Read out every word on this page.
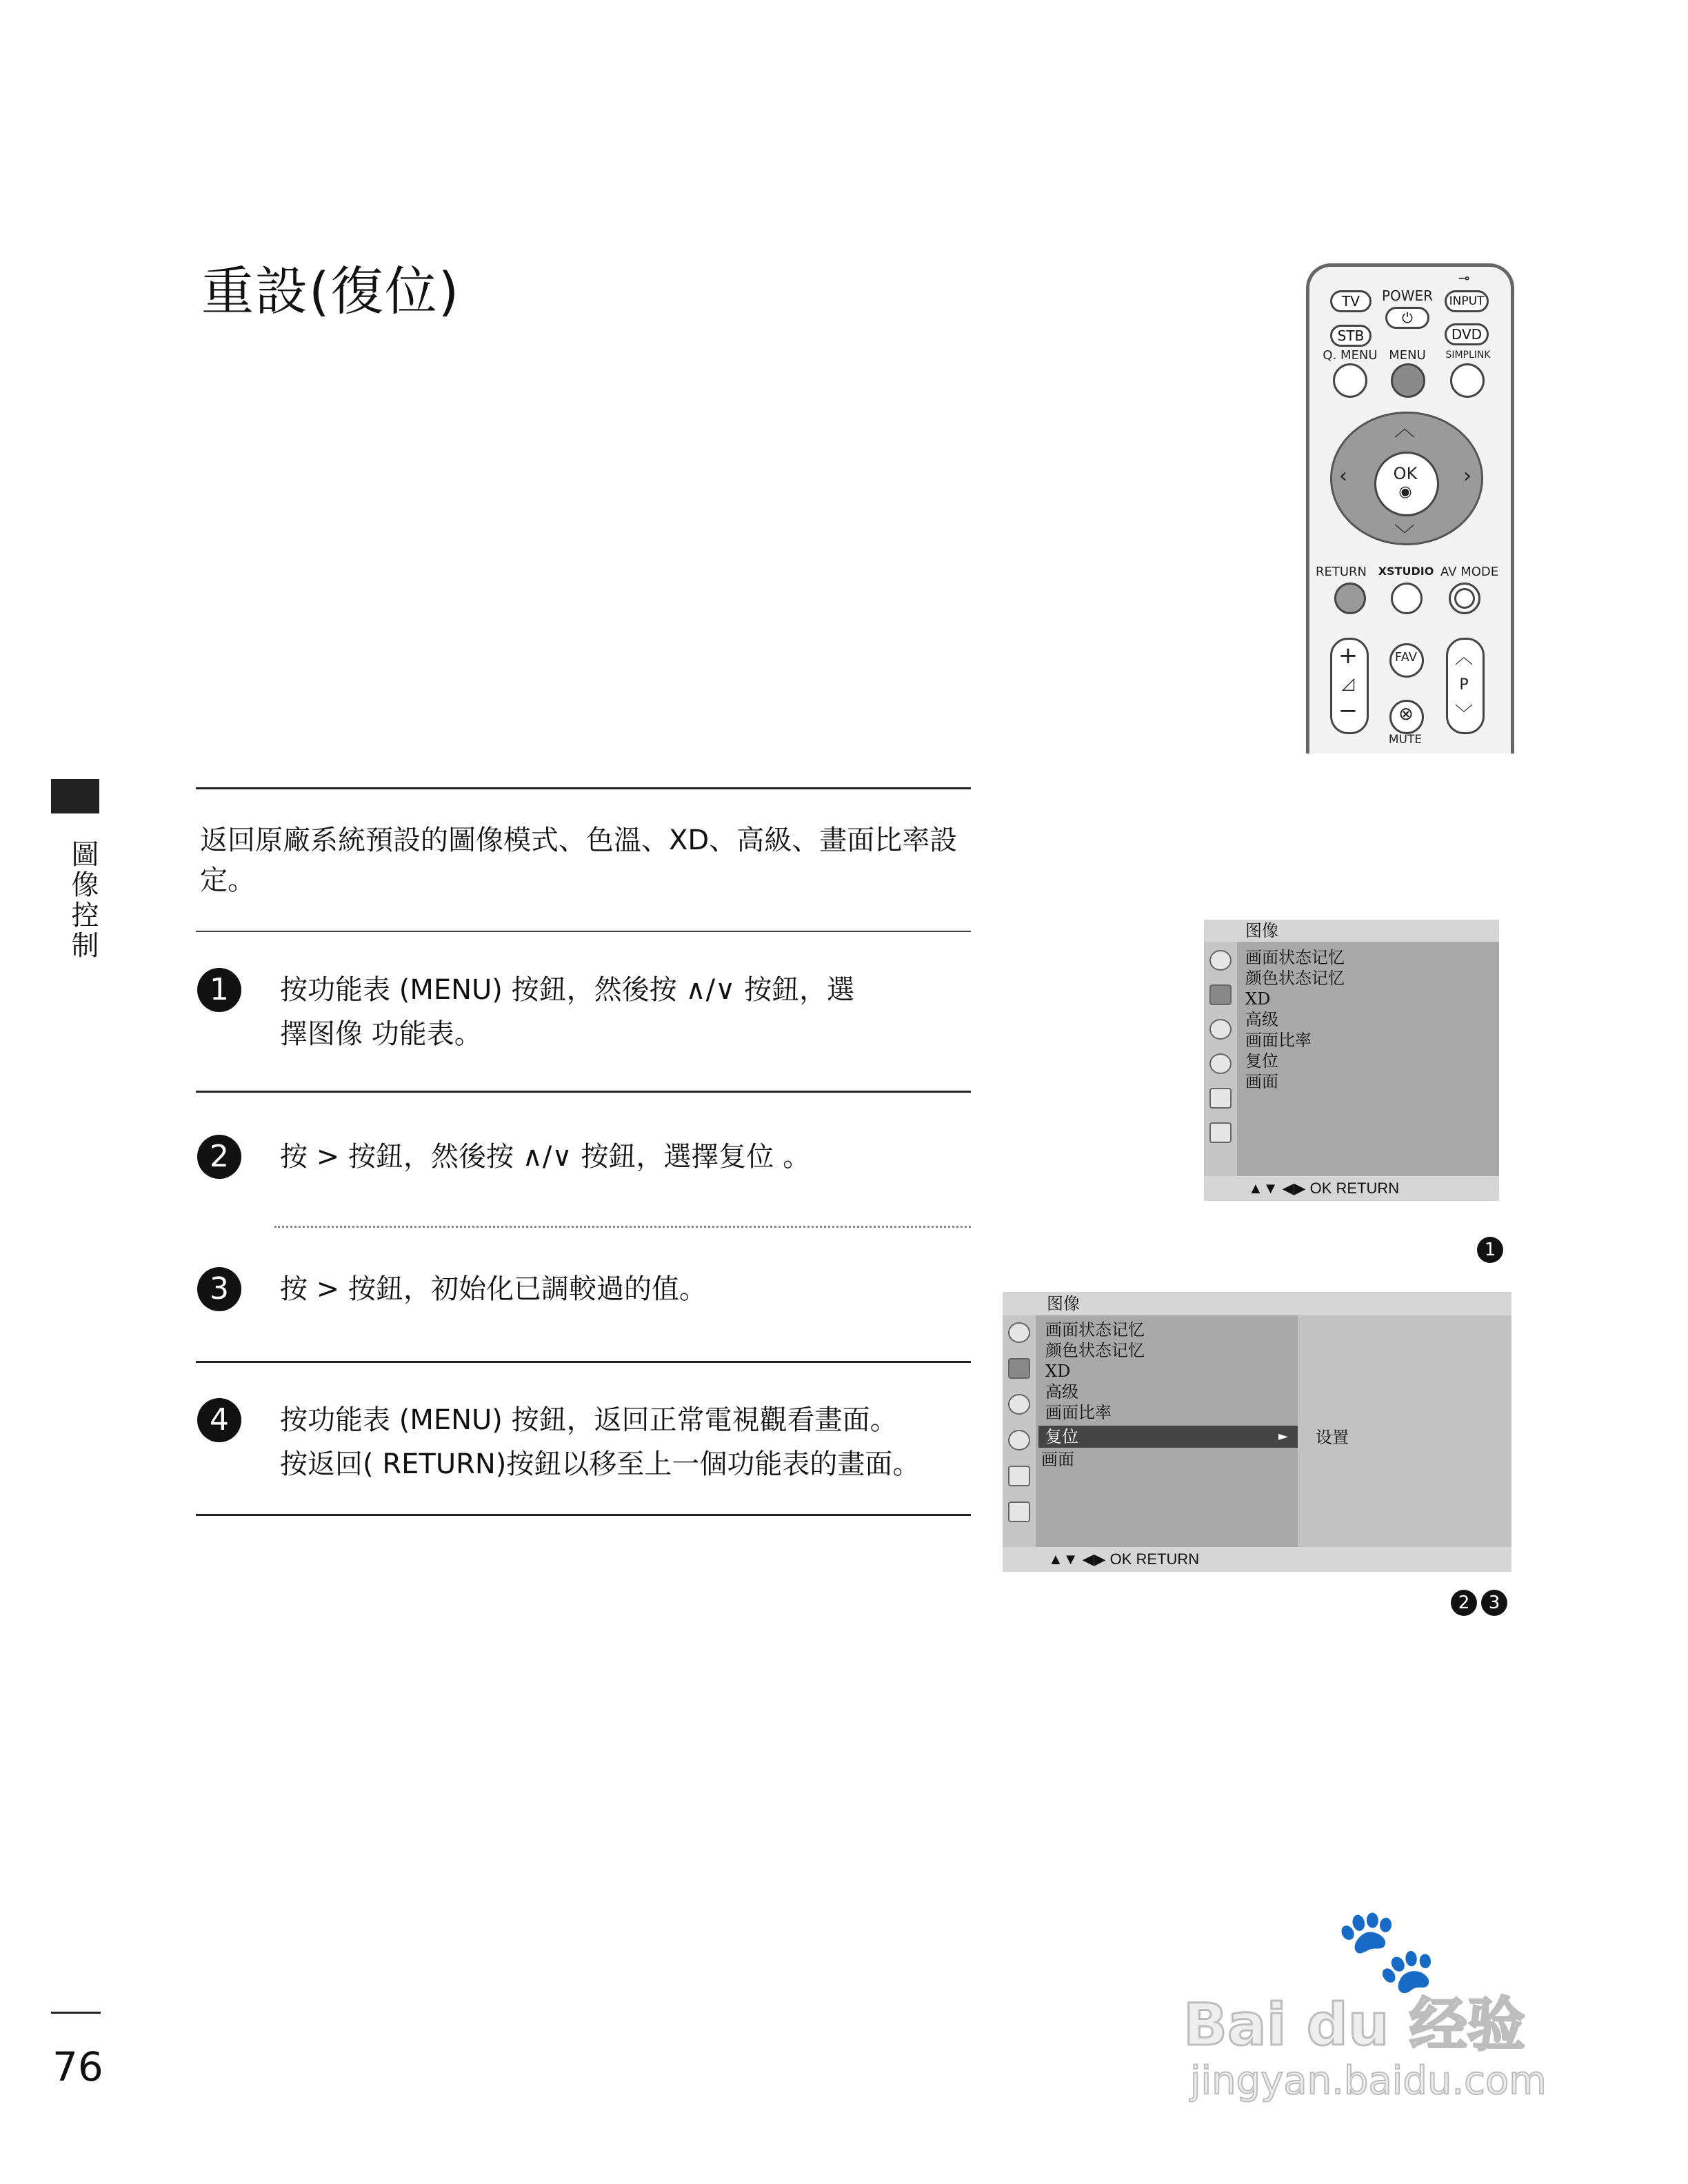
重設(復位)
圖像控制	返回原廠系統預設的圖像模式、色溫、XD、高級、畫面比率設定。
1	按功能表 (MENU) 按鈕，然後按 ∧/∨ 按鈕，選
擇图像 功能表。
2	按 > 按鈕，然後按 ∧/∨ 按鈕，選擇复位 。
3	按 > 按鈕，初始化已調較過的值。
4	按功能表 (MENU) 按鈕，返回正常電視觀看畫面。
按返回( RETURN)按鈕以移至上一個功能表的畫面。
76
TV	POWER
⏻
⊸
INPUT
STB	DVD
Q. MENU MENU	SIMPLINK
︿
﹀
‹	›
OK
◉
RETURN	XSTUDIO AV MODE
+
◿
−
FAV
⊗
MUTE
︿
P
﹀
图像
画面状态记忆
颜色状态记忆
XD
高级
画面比率
复位
画面
▲▼ ◀▶ OK RETURN
1
图像
画面状态记忆
颜色状态记忆
XD
高级
画面比率
复位	►
画面
设置
▲▼ ◀▶ OK RETURN
2	3
🐾
Bai du 经验
jingyan.baidu.com
